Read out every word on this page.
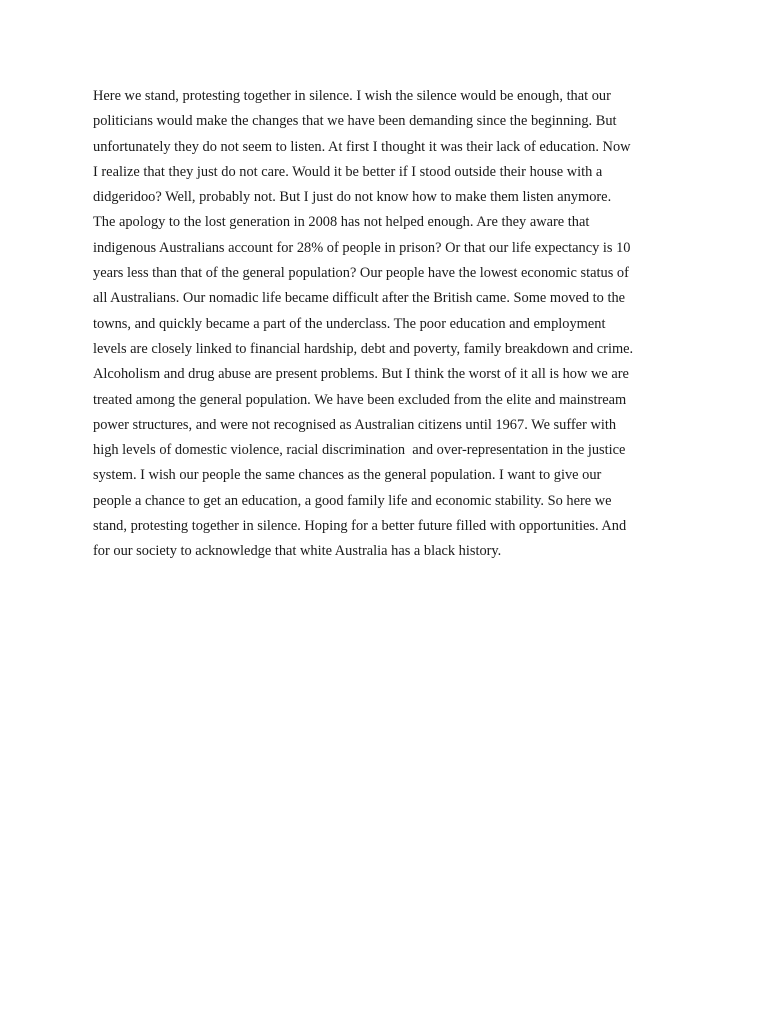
Here we stand, protesting together in silence. I wish the silence would be enough, that our
politicians would make the changes that we have been demanding since the beginning. But
unfortunately they do not seem to listen. At first I thought it was their lack of education. Now
I realize that they just do not care. Would it be better if I stood outside their house with a
didgeridoo? Well, probably not. But I just do not know how to make them listen anymore.
The apology to the lost generation in 2008 has not helped enough. Are they aware that
indigenous Australians account for 28% of people in prison? Or that our life expectancy is 10
years less than that of the general population? Our people have the lowest economic status of
all Australians. Our nomadic life became difficult after the British came. Some moved to the
towns, and quickly became a part of the underclass. The poor education and employment
levels are closely linked to financial hardship, debt and poverty, family breakdown and crime.
Alcoholism and drug abuse are present problems. But I think the worst of it all is how we are
treated among the general population. We have been excluded from the elite and mainstream
power structures, and were not recognised as Australian citizens until 1967. We suffer with
high levels of domestic violence, racial discrimination  and over-representation in the justice
system. I wish our people the same chances as the general population. I want to give our
people a chance to get an education, a good family life and economic stability. So here we
stand, protesting together in silence. Hoping for a better future filled with opportunities. And
for our society to acknowledge that white Australia has a black history.
